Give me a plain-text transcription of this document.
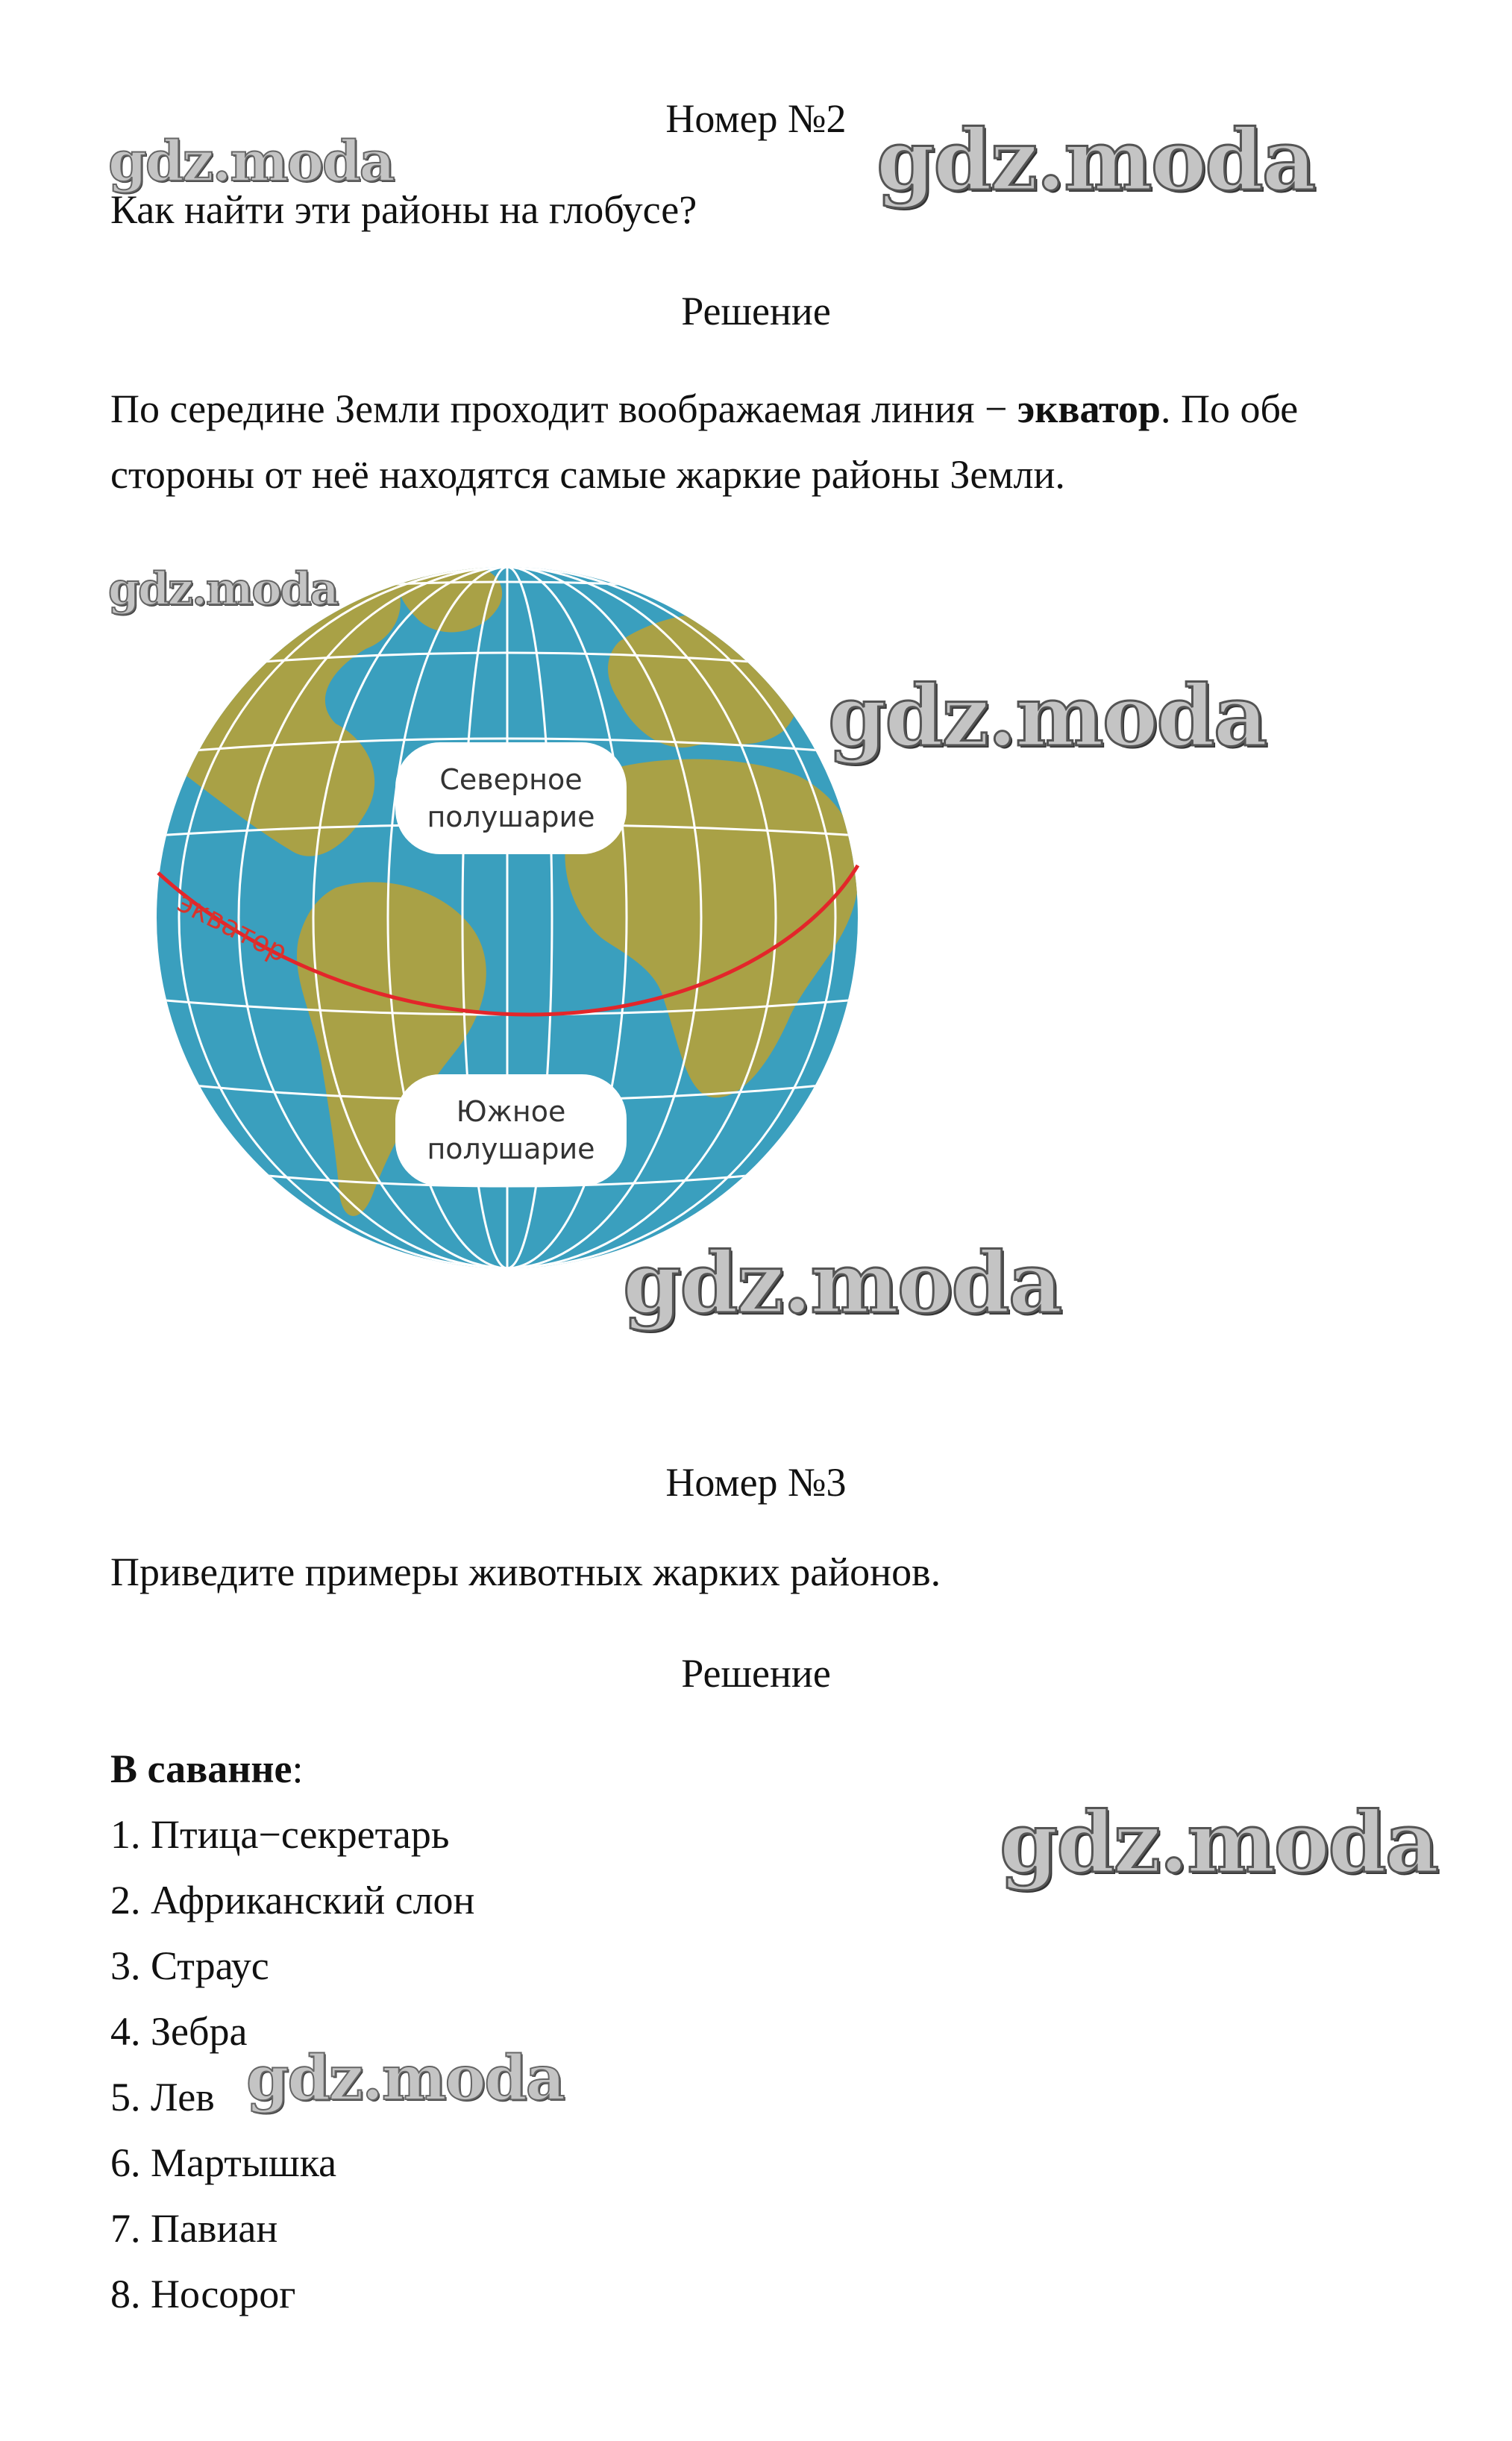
Номер №2
Как найти эти районы на глобусе?
Решение
По середине Земли проходит воображаемая линия − экватор. По обе стороны от неё находятся самые жаркие районы Земли.
экватор
Северное
полушарие
Южное
полушарие
Номер №3
Приведите примеры животных жарких районов.
Решение
В саванне:
1. Птица−секретарь
2. Африканский слон
3. Страус
4. Зебра
5. Лев
6. Мартышка
7. Павиан
8. Носорог
gdz.moda	gdz.moda
gdz.moda
gdz.moda
gdz.moda
gdz.moda
gdz.moda
